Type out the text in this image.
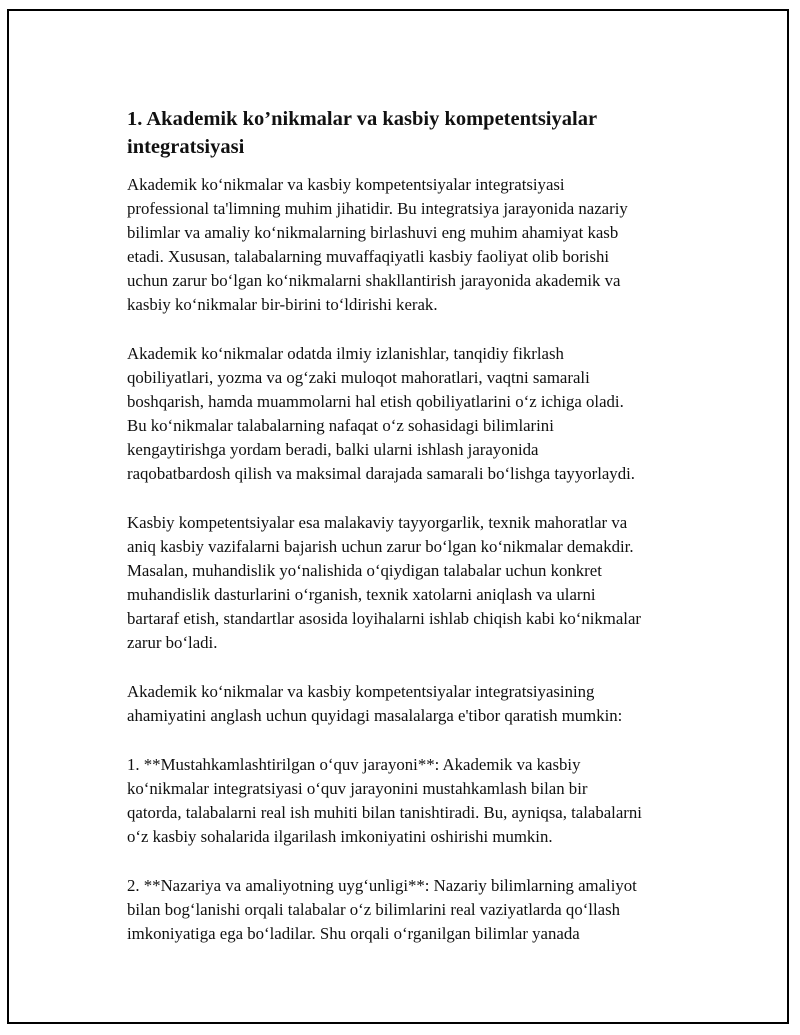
1. Akademik ko’nikmalar va kasbiy kompetentsiyalar
integratsiyasi

Akademik koʻnikmalar va kasbiy kompetentsiyalar integratsiyasi
professional ta'limning muhim jihatidir. Bu integratsiya jarayonida nazariy
bilimlar va amaliy koʻnikmalarning birlashuvi eng muhim ahamiyat kasb
etadi. Xususan, talabalarning muvaffaqiyatli kasbiy faoliyat olib borishi
uchun zarur boʻlgan koʻnikmalarni shakllantirish jarayonida akademik va
kasbiy koʻnikmalar bir-birini toʻldirishi kerak.

Akademik koʻnikmalar odatda ilmiy izlanishlar, tanqidiy fikrlash
qobiliyatlari, yozma va ogʻzaki muloqot mahoratlari, vaqtni samarali
boshqarish, hamda muammolarni hal etish qobiliyatlarini oʻz ichiga oladi.
Bu koʻnikmalar talabalarning nafaqat oʻz sohasidagi bilimlarini
kengaytirishga yordam beradi, balki ularni ishlash jarayonida
raqobatbardosh qilish va maksimal darajada samarali boʻlishga tayyorlaydi.

Kasbiy kompetentsiyalar esa malakaviy tayyorgarlik, texnik mahoratlar va
aniq kasbiy vazifalarni bajarish uchun zarur boʻlgan koʻnikmalar demakdir.
Masalan, muhandislik yoʻnalishida oʻqiydigan talabalar uchun konkret
muhandislik dasturlarini oʻrganish, texnik xatolarni aniqlash va ularni
bartaraf etish, standartlar asosida loyihalarni ishlab chiqish kabi koʻnikmalar
zarur boʻladi.

Akademik koʻnikmalar va kasbiy kompetentsiyalar integratsiyasining
ahamiyatini anglash uchun quyidagi masalalarga e'tibor qaratish mumkin:

1. **Mustahkamlashtirilgan oʻquv jarayoni**: Akademik va kasbiy
koʻnikmalar integratsiyasi oʻquv jarayonini mustahkamlash bilan bir
qatorda, talabalarni real ish muhiti bilan tanishtiradi. Bu, ayniqsa, talabalarni
oʻz kasbiy sohalarida ilgarilash imkoniyatini oshirishi mumkin.

2. **Nazariya va amaliyotning uygʻunligi**: Nazariy bilimlarning amaliyot
bilan bogʻlanishi orqali talabalar oʻz bilimlarini real vaziyatlarda qoʻllash
imkoniyatiga ega boʻladilar. Shu orqali oʻrganilgan bilimlar yanada
